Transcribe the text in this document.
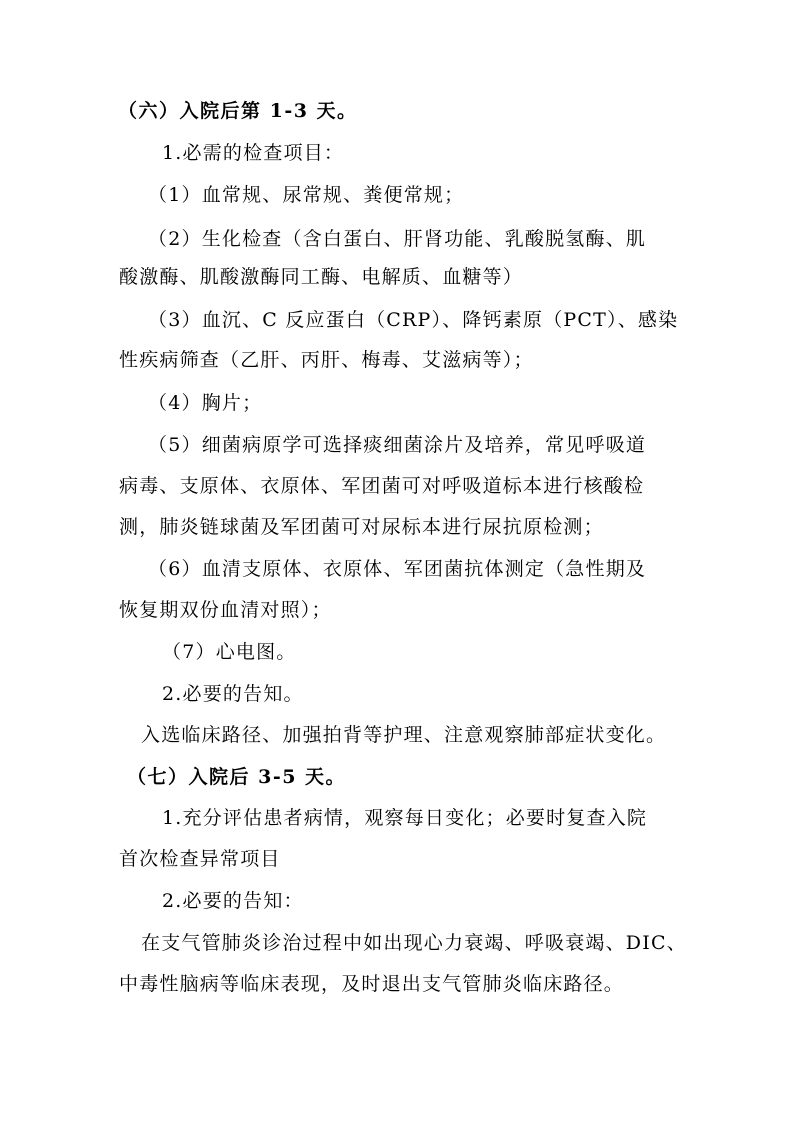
（六）入院后第 1-3 天。
1.必需的检查项目：
（1）血常规、尿常规、粪便常规；
（2）生化检查（含白蛋白、肝肾功能、乳酸脱氢酶、肌
酸激酶、肌酸激酶同工酶、电解质、血糖等）
（3）血沉、C 反应蛋白（CRP）、降钙素原（PCT）、感染
性疾病筛查（乙肝、丙肝、梅毒、艾滋病等）；
（4）胸片；
（5）细菌病原学可选择痰细菌涂片及培养，常见呼吸道
病毒、支原体、衣原体、军团菌可对呼吸道标本进行核酸检
测，肺炎链球菌及军团菌可对尿标本进行尿抗原检测；
（6）血清支原体、衣原体、军团菌抗体测定（急性期及
恢复期双份血清对照）；
（7）心电图。
2.必要的告知。
入选临床路径、加强拍背等护理、注意观察肺部症状变化。
（七）入院后 3-5 天。
1.充分评估患者病情，观察每日变化；必要时复查入院
首次检查异常项目
2.必要的告知：
在支气管肺炎诊治过程中如出现心力衰竭、呼吸衰竭、DIC、
中毒性脑病等临床表现，及时退出支气管肺炎临床路径。
